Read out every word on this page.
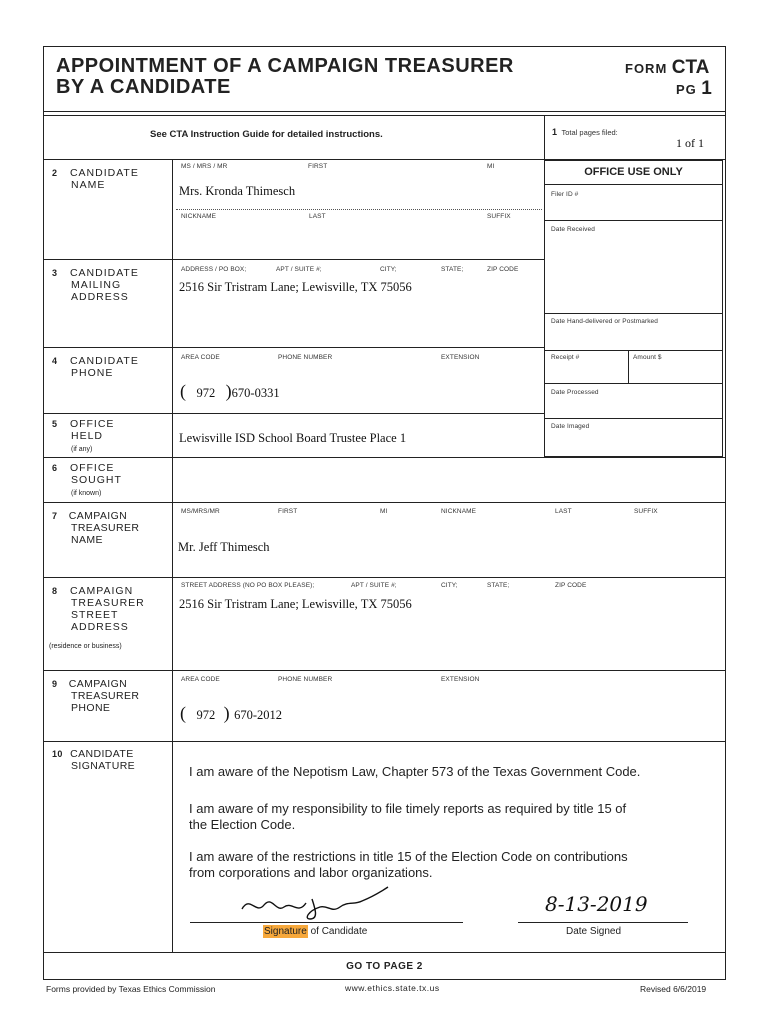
APPOINTMENT OF A CAMPAIGN TREASURER
BY A CANDIDATE
FORM CTA
PG 1
See CTA Instruction Guide for detailed instructions.	1 Total pages filed:
1 of 1
OFFICE USE ONLY
Filer ID #
Date Received
Date Hand-delivered or Postmarked
Receipt #	Amount $
Date Processed
Date Imaged
2 CANDIDATE
NAME
MS / MRS / MR	FIRST	MI
Mrs. Kronda Thimesch
NICKNAME	LAST	SUFFIX
3 CANDIDATE
MAILING
ADDRESS
ADDRESS / PO BOX;	APT / SUITE #;	CITY;	STATE;	ZIP CODE
2516 Sir Tristram Lane; Lewisville, TX 75056
4 CANDIDATE
PHONE
AREA CODE	PHONE NUMBER	EXTENSION
( 972 )670-0331
5 OFFICE
HELD
(if any)
Lewisville ISD School Board Trustee Place 1
6 OFFICE
SOUGHT
(if known)
7 CAMPAIGN
TREASURER
NAME
MS/MRS/MR	FIRST	MI	NICKNAME	LAST	SUFFIX
Mr. Jeff Thimesch
8 CAMPAIGN
TREASURER
STREET
ADDRESS
(residence or business)
STREET ADDRESS (NO PO BOX PLEASE);	APT / SUITE #;	CITY;	STATE;	ZIP CODE
2516 Sir Tristram Lane; Lewisville, TX 75056
9 CAMPAIGN
TREASURER
PHONE
AREA CODE	PHONE NUMBER	EXTENSION
( 972 ) 670-2012
10 CANDIDATE
SIGNATURE	I am aware of the Nepotism Law, Chapter 573 of the Texas Government Code.
I am aware of my responsibility to file timely reports as required by title 15 of
the Election Code.
I am aware of the restrictions in title 15 of the Election Code on contributions
from corporations and labor organizations.
Signature of Candidate
8-13-2019
Date Signed
GO TO PAGE 2
Forms provided by Texas Ethics Commission	www.ethics.state.tx.us	Revised 6/6/2019
